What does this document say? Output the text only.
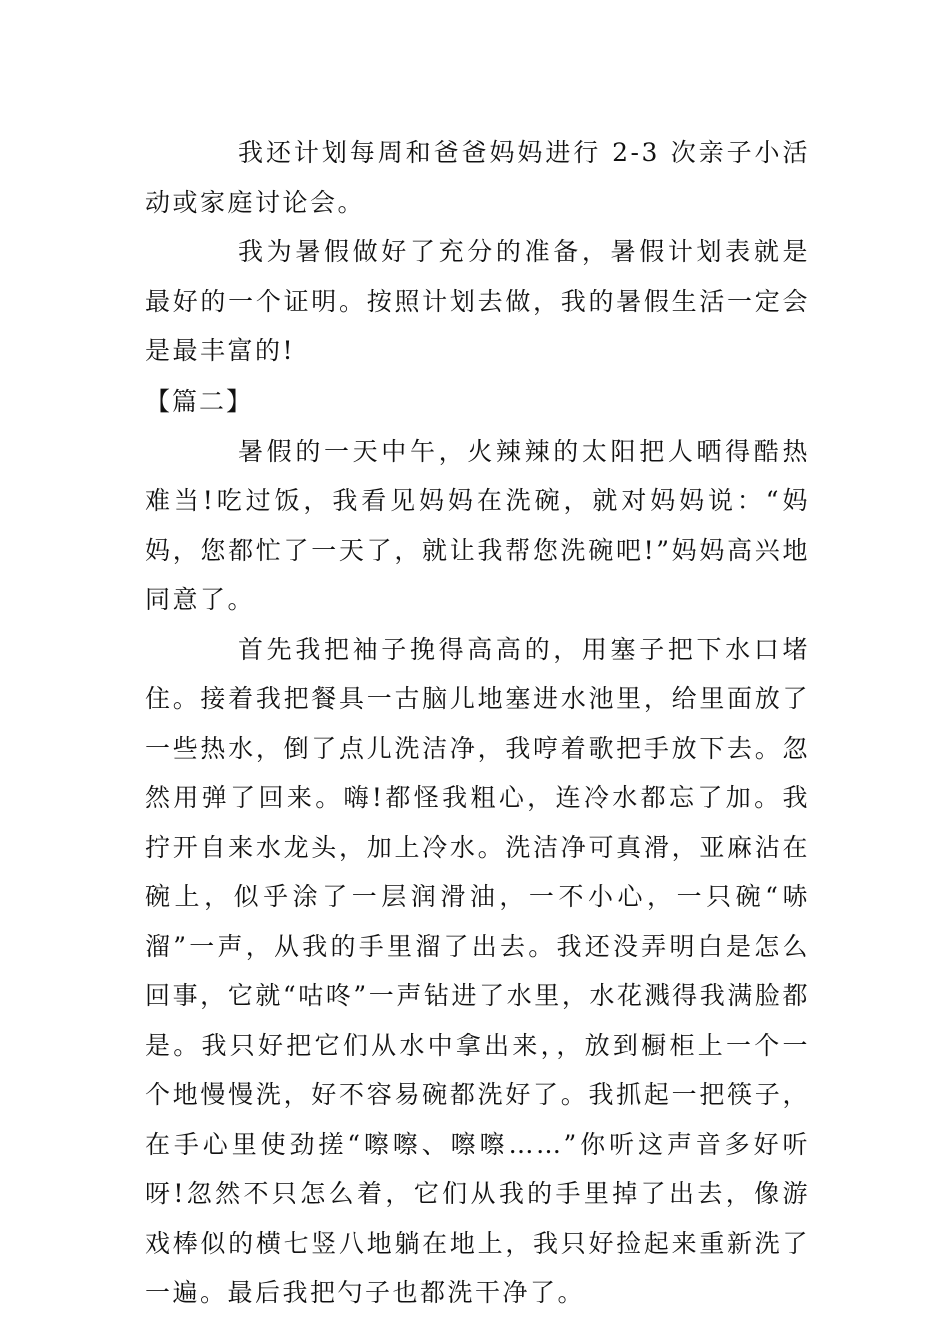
我还计划每周和爸爸妈妈进行 2-3 次亲子小活动或家庭讨论会。

我为暑假做好了充分的准备，暑假计划表就是最好的一个证明。按照计划去做，我的暑假生活一定会是最丰富的!

【篇二】

暑假的一天中午，火辣辣的太阳把人晒得酷热难当!吃过饭，我看见妈妈在洗碗，就对妈妈说：“妈妈，您都忙了一天了，就让我帮您洗碗吧!”妈妈高兴地同意了。

首先我把袖子挽得高高的，用塞子把下水口堵住。接着我把餐具一古脑儿地塞进水池里，给里面放了一些热水，倒了点儿洗洁净，我哼着歌把手放下去。忽然用弹了回来。嗨!都怪我粗心，连冷水都忘了加。我拧开自来水龙头，加上冷水。洗洁净可真滑，亚麻沾在碗上，似乎涂了一层润滑油，一不小心，一只碗“哧溜”一声，从我的手里溜了出去。我还没弄明白是怎么回事，它就“咕咚”一声钻进了水里，水花溅得我满脸都是。我只好把它们从水中拿出来，，放到橱柜上一个一个地慢慢洗，好不容易碗都洗好了。我抓起一把筷子，在手心里使劲搓“嚓嚓、嚓嚓……”你听这声音多好听呀!忽然不只怎么着，它们从我的手里掉了出去，像游戏棒似的横七竖八地躺在地上，我只好捡起来重新洗了一遍。最后我把勺子也都洗干净了。
